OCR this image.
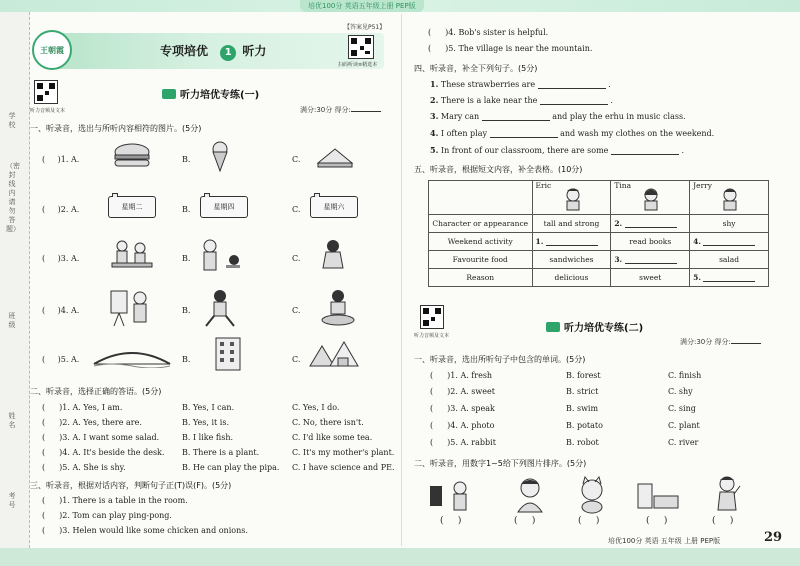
培优100分 英语五年级上册 PEP版
学校
（密封线内请勿答题）
班级
姓名
考号
王朝霞	专项培优 1 听力
【答案见P51】
扫码听读≡精选本
听力音频及文本
听力培优专练(一)
满分:30分 得分:
一、听录音，选出与所听内容相符的图片。(5分)
( )1. A.	B.	C.
( )2. A.	B.	C.
星期二	星期四	星期六
( )3. A.	B.	C.
( )4. A.	B.	C.
( )5. A.	B.	C.
二、听录音，选择正确的答语。(5分)
( )1. A. Yes, I am.	B. Yes, I can.	C. Yes, I do.
( )2. A. Yes, there are.	B. Yes, it is.	C. No, there isn't.
( )3. A. I want some salad.	B. I like fish.	C. I'd like some tea.
( )4. A. It's beside the desk. B. There is a plant.	C. It's my mother's plant.
( )5. A. She is shy.	B. He can play the pipa. C. I have science and PE.
三、听录音，根据对话内容，判断句子正(T)误(F)。(5分)
( )1. There is a table in the room.
( )2. Tom can play ping-pong.
( )3. Helen would like some chicken and onions.
( )4. Bob's sister is helpful.
( )5. The village is near the mountain.
四、听录音，补全下列句子。(5分)
1. These strawberries are	.
2. There is a lake near the	.
3. Mary can	and play the erhu in music class.
4. I often play	and wash my clothes on the weekend.
5. In front of our classroom, there are some	.
五、听录音，根据短文内容，补全表格。(10分)
	Eric	Tina	Jerry

Character or appearance	tall and strong	2.	shy
Weekend activity	1.	read books	4.
Favourite food	sandwiches	3.	salad
Reason	delicious	sweet	5.
听力音频及文本
听力培优专练(二)
满分:30分 得分:
一、听录音，选出所听句子中包含的单词。(5分)
( )1. A. fresh	B. forest	C. finish
( )2. A. sweet	B. strict	C. shy
( )3. A. speak	B. swim	C. sing
( )4. A. photo	B. potato	C. plant
( )5. A. rabbit	B. robot	C. river
二、听录音，用数字1~5给下列图片排序。(5分)
(     )	(     )	(     )	(     )	(     )
培优100分 英语 五年级 上册 PEP版	29
